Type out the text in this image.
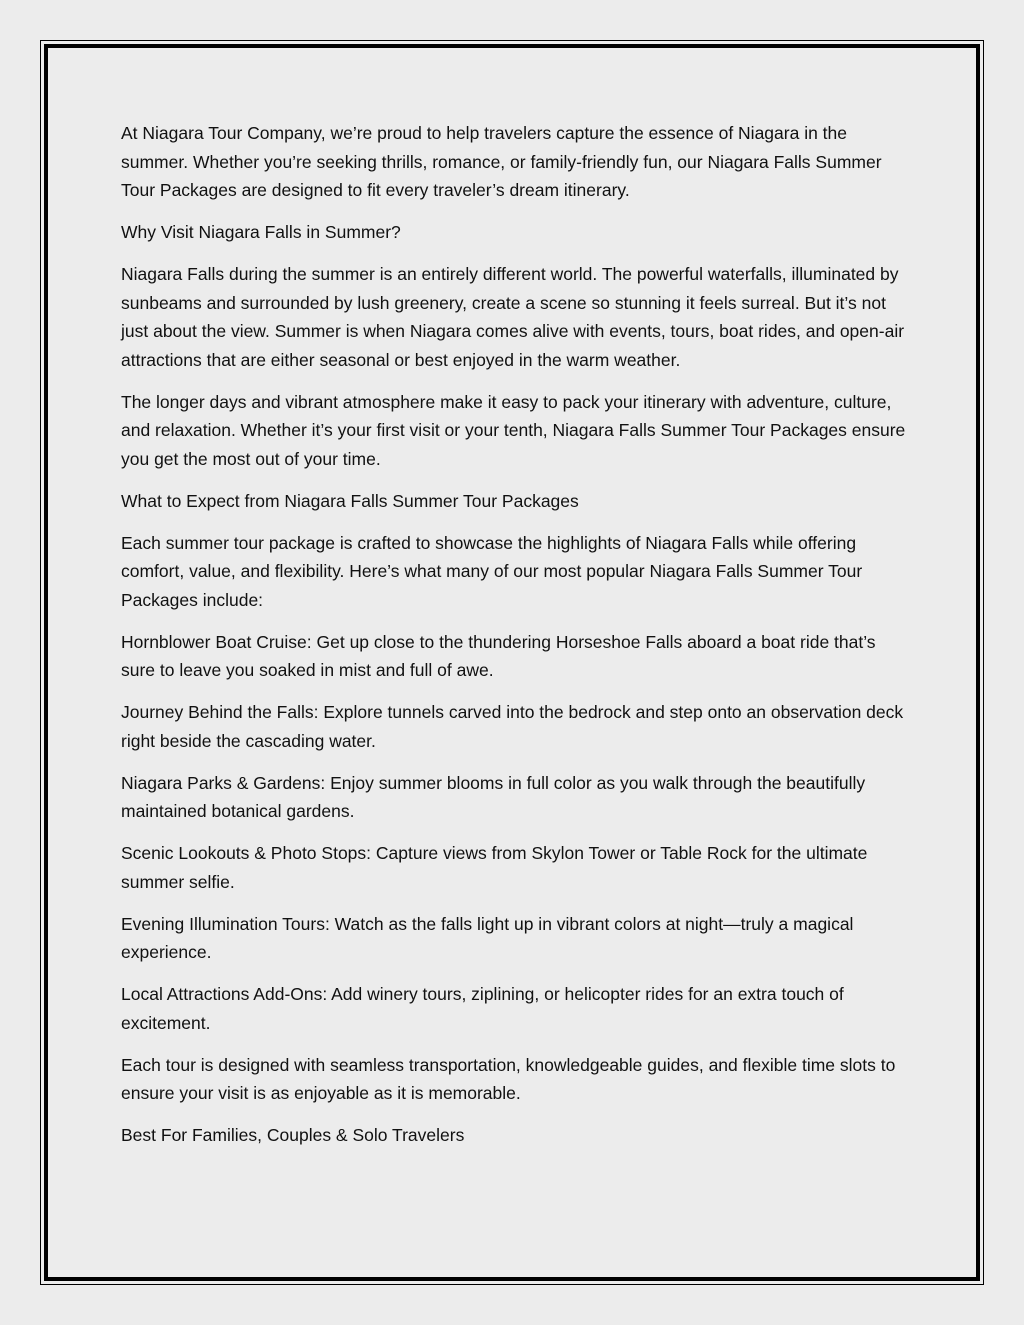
At Niagara Tour Company, we’re proud to help travelers capture the essence of Niagara in the summer. Whether you’re seeking thrills, romance, or family-friendly fun, our Niagara Falls Summer Tour Packages are designed to fit every traveler’s dream itinerary.

Why Visit Niagara Falls in Summer?

Niagara Falls during the summer is an entirely different world. The powerful waterfalls, illuminated by sunbeams and surrounded by lush greenery, create a scene so stunning it feels surreal. But it’s not just about the view. Summer is when Niagara comes alive with events, tours, boat rides, and open-air attractions that are either seasonal or best enjoyed in the warm weather.

The longer days and vibrant atmosphere make it easy to pack your itinerary with adventure, culture, and relaxation. Whether it’s your first visit or your tenth, Niagara Falls Summer Tour Packages ensure you get the most out of your time.

What to Expect from Niagara Falls Summer Tour Packages

Each summer tour package is crafted to showcase the highlights of Niagara Falls while offering comfort, value, and flexibility. Here’s what many of our most popular Niagara Falls Summer Tour Packages include:

Hornblower Boat Cruise: Get up close to the thundering Horseshoe Falls aboard a boat ride that’s sure to leave you soaked in mist and full of awe.

Journey Behind the Falls: Explore tunnels carved into the bedrock and step onto an observation deck right beside the cascading water.

Niagara Parks & Gardens: Enjoy summer blooms in full color as you walk through the beautifully maintained botanical gardens.

Scenic Lookouts & Photo Stops: Capture views from Skylon Tower or Table Rock for the ultimate summer selfie.

Evening Illumination Tours: Watch as the falls light up in vibrant colors at night—truly a magical experience.

Local Attractions Add-Ons: Add winery tours, ziplining, or helicopter rides for an extra touch of excitement.

Each tour is designed with seamless transportation, knowledgeable guides, and flexible time slots to ensure your visit is as enjoyable as it is memorable.

Best For Families, Couples & Solo Travelers
